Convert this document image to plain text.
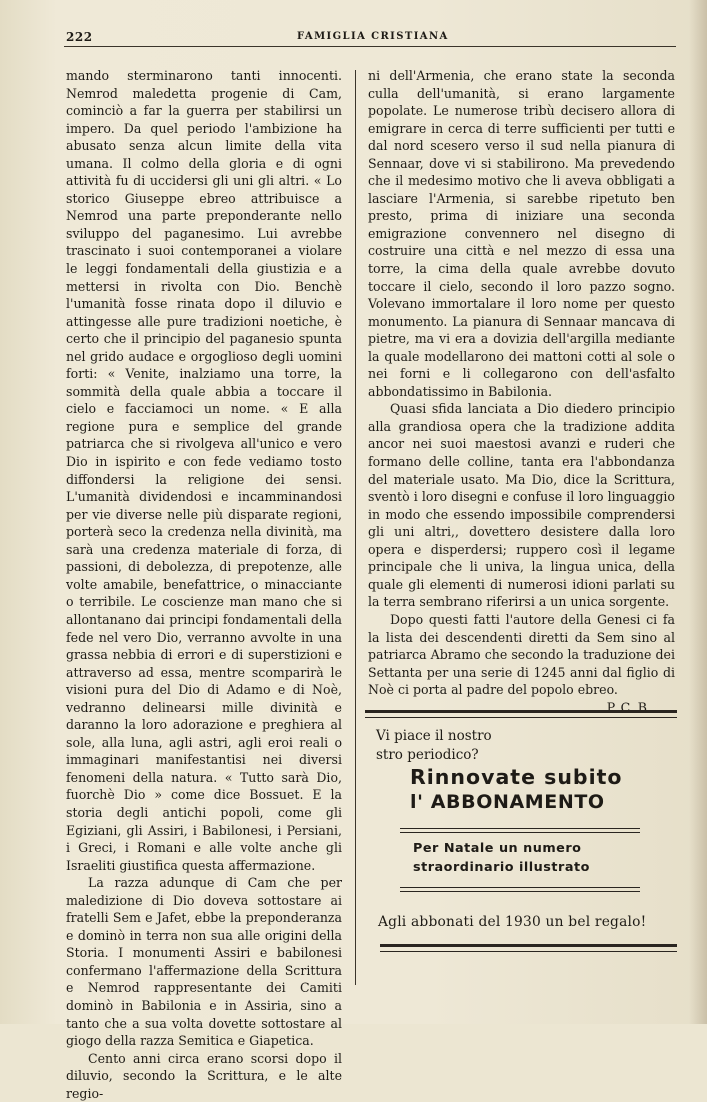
222	FAMIGLIA CRISTIANA

mando sterminarono tanti innocenti. Nemrod maledetta progenie di Cam, cominciò a far la guerra per stabilirsi un impero. Da quel periodo l'ambizione ha abusato senza alcun limite della vita umana. Il colmo della gloria e di ogni attività fu di uccidersi gli uni gli altri. « Lo storico Giuseppe ebreo attribuisce a Nemrod una parte preponderante nello sviluppo del paganesimo. Lui avrebbe trascinato i suoi contemporanei a violare le leggi fondamentali della giustizia e a mettersi in rivolta con Dio. Benchè l'umanità fosse rinata dopo il diluvio e attingesse alle pure tradizioni noetiche, è certo che il principio del paganesio spunta nel grido audace e orgoglioso degli uomini forti: « Venite, inalziamo una torre, la sommità della quale abbia a toccare il cielo e facciamoci un nome. « E alla regione pura e semplice del grande patriarca che si rivolgeva all'unico e vero Dio in ispirito e con fede vediamo tosto diffondersi la religione dei sensi. L'umanità dividendosi e incamminandosi per vie diverse nelle più disparate regioni, porterà seco la credenza nella divinità, ma sarà una credenza materiale di forza, di passioni, di debolezza, di prepotenze, alle volte amabile, benefattrice, o minacciante o terribile. Le coscienze man mano che si allontanano dai principi fondamentali della fede nel vero Dio, verranno avvolte in una grassa nebbia di errori e di superstizioni e attraverso ad essa, mentre scomparirà le visioni pura del Dio di Adamo e di Noè, vedranno delinearsi mille divinità e daranno la loro adorazione e preghiera al sole, alla luna, agli astri, agli eroi reali o immaginari manifestantisi nei diversi fenomeni della natura. « Tutto sarà Dio, fuorchè Dio » come dice Bossuet. E la storia degli antichi popoli, come gli Egiziani, gli Assiri, i Babilonesi, i Persiani, i Greci, i Romani e alle volte anche gli Israeliti giustifica questa affermazione.

La razza adunque di Cam che per maledizione di Dio doveva sottostare ai fratelli Sem e Jafet, ebbe la preponderanza e dominò in terra non sua alle origini della Storia. I monumenti Assiri e babilonesi confermano l'affermazione della Scrittura e Nemrod rappresentante dei Camiti dominò in Babilonia e in Assiria, sino a tanto che a sua volta dovette sottostare al giogo della razza Semitica e Giapetica.

Cento anni circa erano scorsi dopo il diluvio, secondo la Scrittura, e le alte regio-

ni dell'Armenia, che erano state la seconda culla dell'umanità, si erano largamente popolate. Le numerose tribù decisero allora di emigrare in cerca di terre sufficienti per tutti e dal nord scesero verso il sud nella pianura di Sennaar, dove vi si stabilirono. Ma prevedendo che il medesimo motivo che li aveva obbligati a lasciare l'Armenia, si sarebbe ripetuto ben presto, prima di iniziare una seconda emigrazione convennero nel disegno di costruire una città e nel mezzo di essa una torre, la cima della quale avrebbe dovuto toccare il cielo, secondo il loro pazzo sogno. Volevano immortalare il loro nome per questo monumento. La pianura di Sennaar mancava di pietre, ma vi era a dovizia dell'argilla mediante la quale modellarono dei mattoni cotti al sole o nei forni e li collegarono con dell'asfalto abbondatissimo in Babilonia.

Quasi sfida lanciata a Dio diedero principio alla grandiosa opera che la tradizione addita ancor nei suoi maestosi avanzi e ruderi che formano delle colline, tanta era l'abbondanza del materiale usato. Ma Dio, dice la Scrittura, sventò i loro disegni e confuse il loro linguaggio in modo che essendo impossibile comprendersi gli uni altri,, dovettero desistere dalla loro opera e disperdersi; ruppero così il legame principale che li univa, la lingua unica, della quale gli elementi di numerosi idioni parlati su la terra sembrano riferirsi a un unica sorgente.

Dopo questi fatti l'autore della Genesi ci fa la lista dei descendenti diretti da Sem sino al patriarca Abramo che secondo la traduzione dei Settanta per una serie di 1245 anni dal figlio di Noè ci porta al padre del popolo ebreo.

P. C. B.

Vi piace il nostro
stro periodico?
Rinnovate subito
l' ABBONAMENTO
Per Natale un numero
straordinario illustrato
Agli abbonati del 1930 un bel regalo!
